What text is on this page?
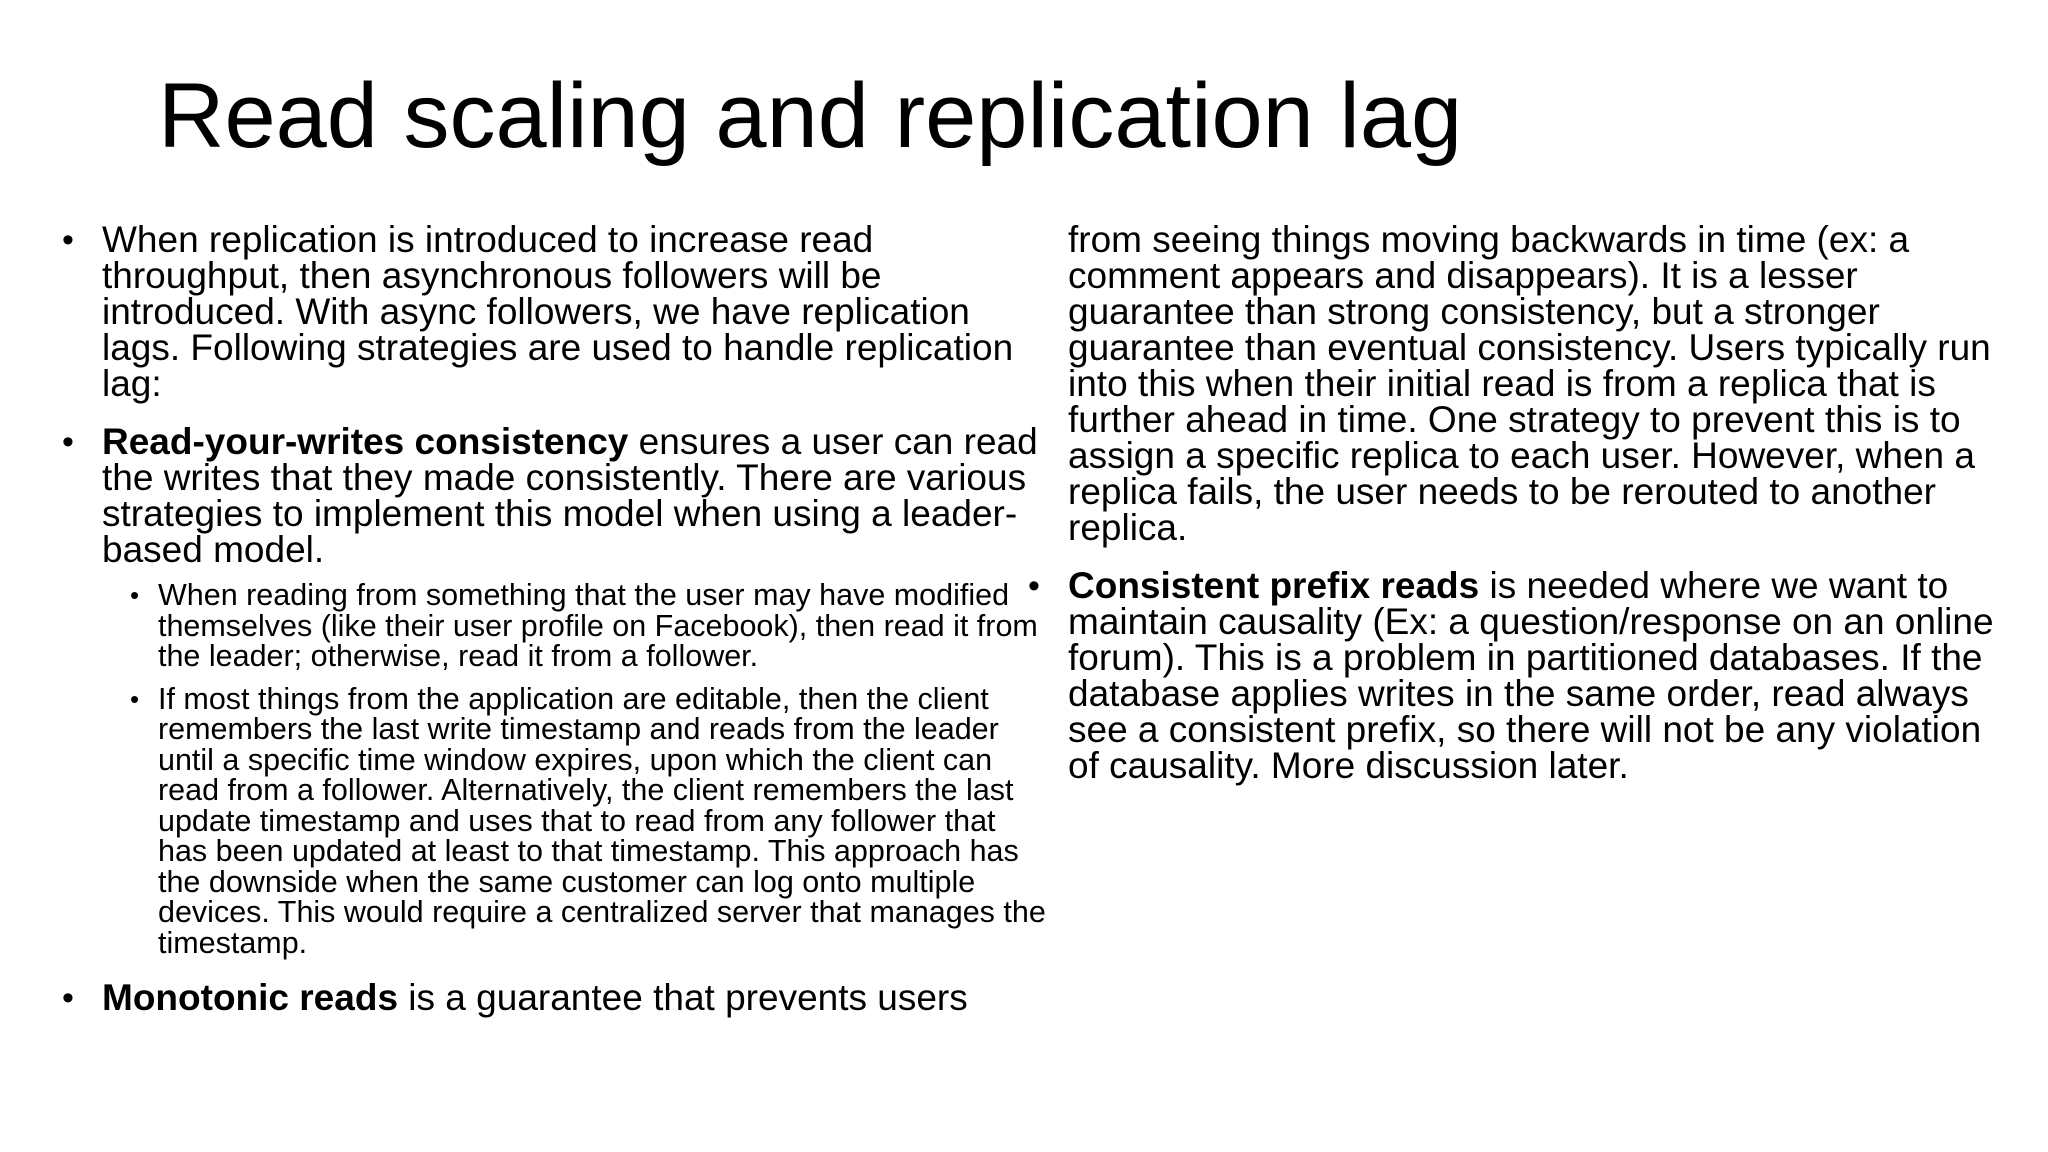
Read scaling and replication lag
• When replication is introduced to increase read throughput, then asynchronous followers will be introduced. With async followers, we have replication lags. Following strategies are used to handle replication lag:
• Read-your-writes consistency ensures a user can read the writes that they made consistently. There are various strategies to implement this model when using a leader-based model.
• When reading from something that the user may have modified themselves (like their user profile on Facebook), then read it from the leader; otherwise, read it from a follower.
• If most things from the application are editable, then the client remembers the last write timestamp and reads from the leader until a specific time window expires, upon which the client can read from a follower. Alternatively, the client remembers the last update timestamp and uses that to read from any follower that has been updated at least to that timestamp. This approach has the downside when the same customer can log onto multiple devices. This would require a centralized server that manages the timestamp.
• Monotonic reads is a guarantee that prevents users
from seeing things moving backwards in time (ex: a comment appears and disappears). It is a lesser guarantee than strong consistency, but a stronger guarantee than eventual consistency. Users typically run into this when their initial read is from a replica that is further ahead in time. One strategy to prevent this is to assign a specific replica to each user. However, when a replica fails, the user needs to be rerouted to another replica.
• Consistent prefix reads is needed where we want to maintain causality (Ex: a question/response on an online forum). This is a problem in partitioned databases. If the database applies writes in the same order, read always see a consistent prefix, so there will not be any violation of causality. More discussion later.
